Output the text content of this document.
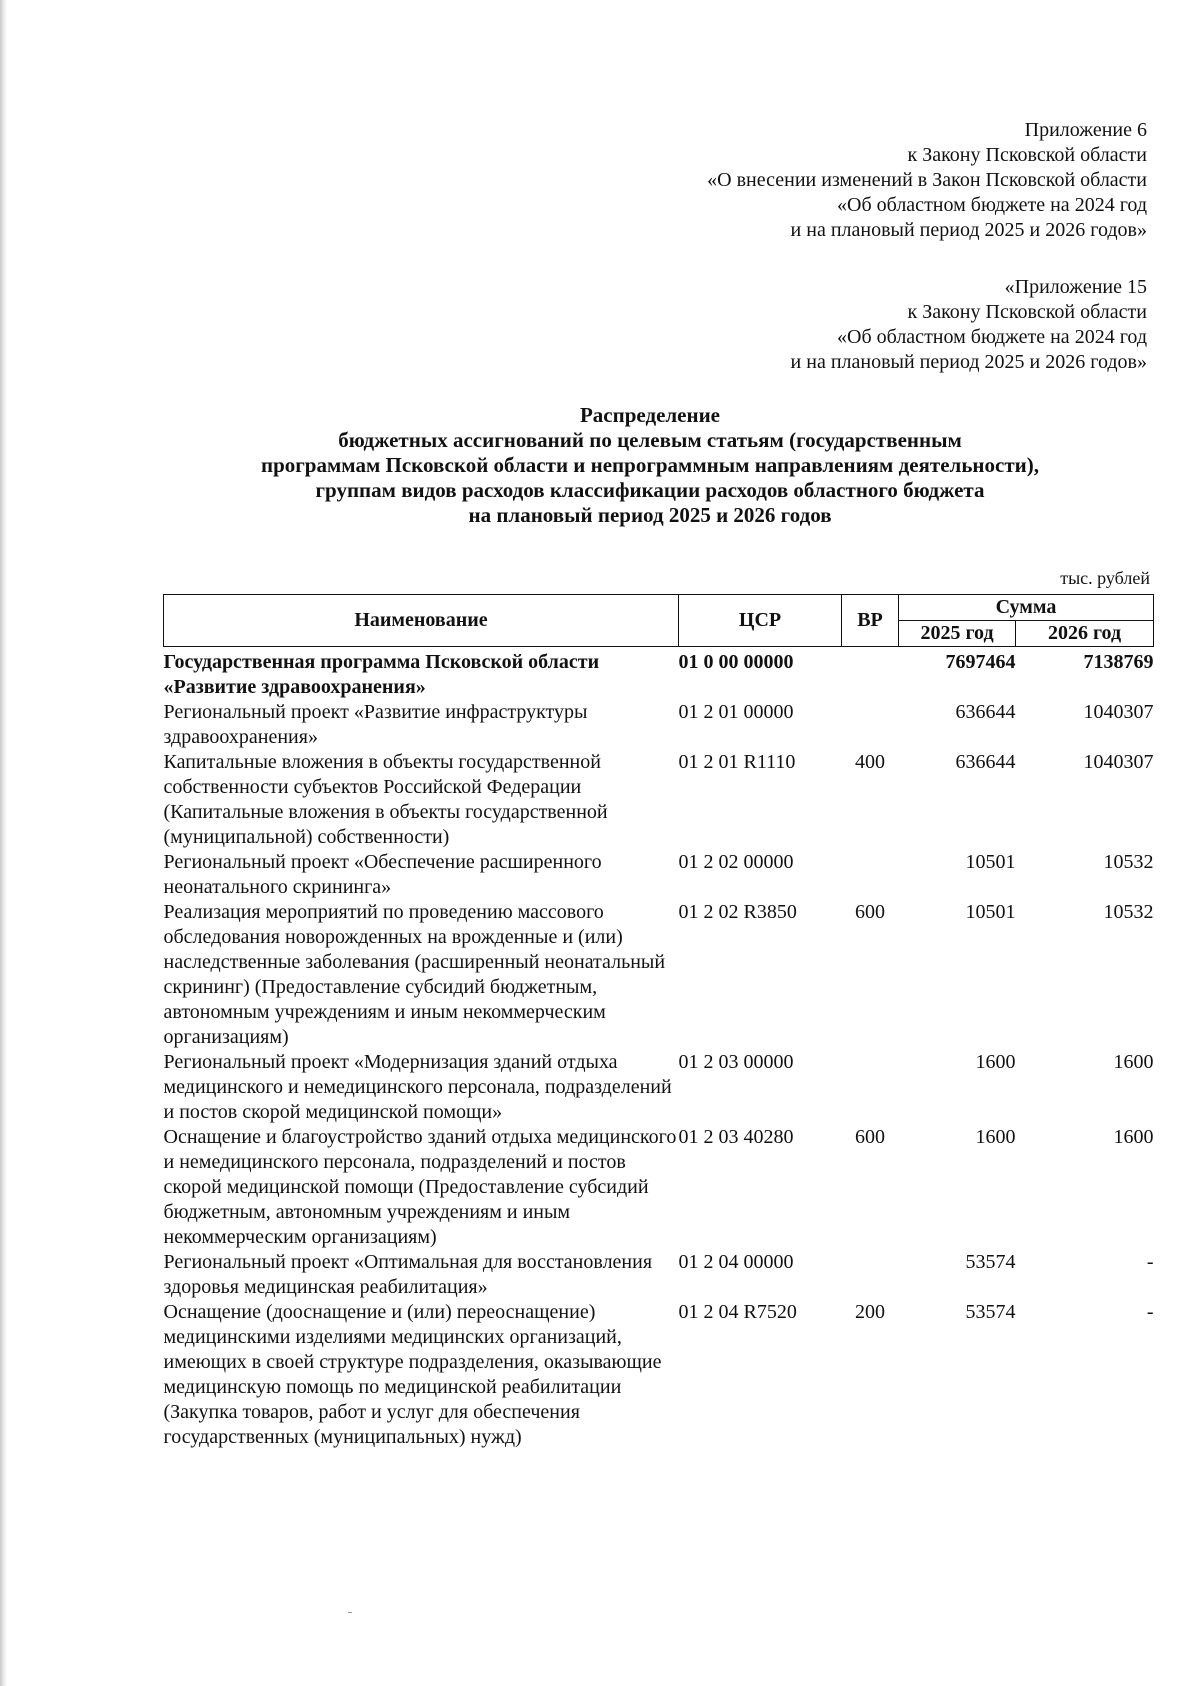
Приложение 6
к Закону Псковской области
«О внесении изменений в Закон Псковской области
«Об областном бюджете на 2024 год
и на плановый период 2025 и 2026 годов»
«Приложение 15
к Закону Псковской области
«Об областном бюджете на 2024 год
и на плановый период 2025 и 2026 годов»
Распределение
бюджетных ассигнований по целевым статьям (государственным
программам Псковской области и непрограммным направлениям деятельности),
группам видов расходов классификации расходов областного бюджета
на плановый период 2025 и 2026 годов
тыс. рублей
Наименование	ЦСР	ВР	Сумма	
			2025 год	2026 год
Государственная программа Псковской области «Развитие здравоохранения»	01 0 00 00000		7697464	7138769
Региональный проект «Развитие инфраструктуры здравоохранения»	01 2 01 00000		636644	1040307
Капитальные вложения в объекты государственной собственности субъектов Российской Федерации (Капитальные вложения в объекты государственной (муниципальной) собственности)	01 2 01 R1110	400	636644	1040307
Региональный проект «Обеспечение расширенного неонатального скрининга»	01 2 02 00000		10501	10532
Реализация мероприятий по проведению массового обследования новорожденных на врожденные и (или) наследственные заболевания (расширенный неонатальный скрининг) (Предоставление субсидий бюджетным, автономным учреждениям и иным некоммерческим организациям)	01 2 02 R3850	600	10501	10532
Региональный проект «Модернизация зданий отдыха медицинского и немедицинского персонала, подразделений и постов скорой медицинской помощи»	01 2 03 00000		1600	1600
Оснащение и благоустройство зданий отдыха медицинского и немедицинского персонала, подразделений и постов скорой медицинской помощи (Предоставление субсидий бюджетным, автономным учреждениям и иным некоммерческим организациям)	01 2 03 40280	600	1600	1600
Региональный проект «Оптимальная для восстановления здоровья медицинская реабилитация»	01 2 04 00000		53574	-
Оснащение (дооснащение и (или) переоснащение) медицинскими изделиями медицинских организаций, имеющих в своей структуре подразделения, оказывающие медицинскую помощь по медицинской реабилитации (Закупка товаров, работ и услуг для обеспечения государственных (муниципальных) нужд)	01 2 04 R7520	200	53574	-
